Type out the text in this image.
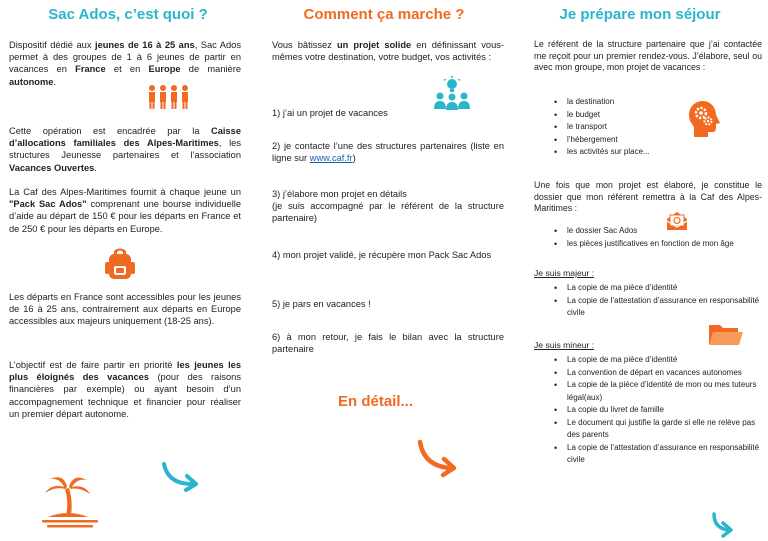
Sac Ados, c’est quoi ?

Dispositif dédié aux jeunes de 16 à 25 ans, Sac Ados permet à des groupes de 1 à 6 jeunes de partir en vacances en France et en Europe de manière autonome.

Cette opération est encadrée par la Caisse d’allocations familiales des Alpes-Maritimes, les structures Jeunesse partenaires et l’association Vacances Ouvertes.

La Caf des Alpes-Maritimes fournit à chaque jeune un "Pack Sac Ados" comprenant une bourse individuelle d’aide au départ de 150 € pour les départs en France et de 250 € pour les départs en Europe.

Les départs en France sont accessibles pour les jeunes de 16 à 25 ans, contrairement aux départs en Europe accessibles aux majeurs uniquement (18-25 ans).

L’objectif est de faire partir en priorité les jeunes les plus éloignés des vacances (pour des raisons financières par exemple) ou ayant besoin d’un accompagnement technique et financier pour réaliser un premier départ autonome.

Comment ça marche ?

Vous bâtissez un projet solide en définissant vous-mêmes votre destination, votre budget, vos activités :

1) j’ai un projet de vacances

2) je contacte l’une des structures partenaires (liste en ligne sur www.caf.fr)

3) j’élabore mon projet en détails
(je suis accompagné par le référent de la structure partenaire)

4) mon projet validé, je récupère mon Pack Sac Ados

5) je pars en vacances !

6) à mon retour, je fais le bilan avec la structure partenaire

En détail...
Je prépare mon séjour

Le référent de la structure partenaire que j’ai contactée me reçoit pour un premier rendez-vous. J’élabore, seul ou avec mon groupe, mon projet de vacances :

• la destination
• le budget
• le transport
• l’hébergement
• les activités sur place...

Une fois que mon projet est élaboré, je constitue le dossier que mon référent remettra à la Caf des Alpes-Maritimes :

• le dossier Sac Ados
• les pièces justificatives en fonction de mon âge

Je suis majeur :

• La copie de ma pièce d’identité
• La copie de l’attestation d’assurance en responsabilité civile

Je suis mineur :

• La copie de ma pièce d’identité
• La convention de départ en vacances autonomes
• La copie de la pièce d’identité de mon ou mes tuteurs légal(aux)
• La copie du livret de famille
• Le document qui justifie la garde si elle ne relève pas des parents
• La copie de l’attestation d’assurance en responsabilité civile
